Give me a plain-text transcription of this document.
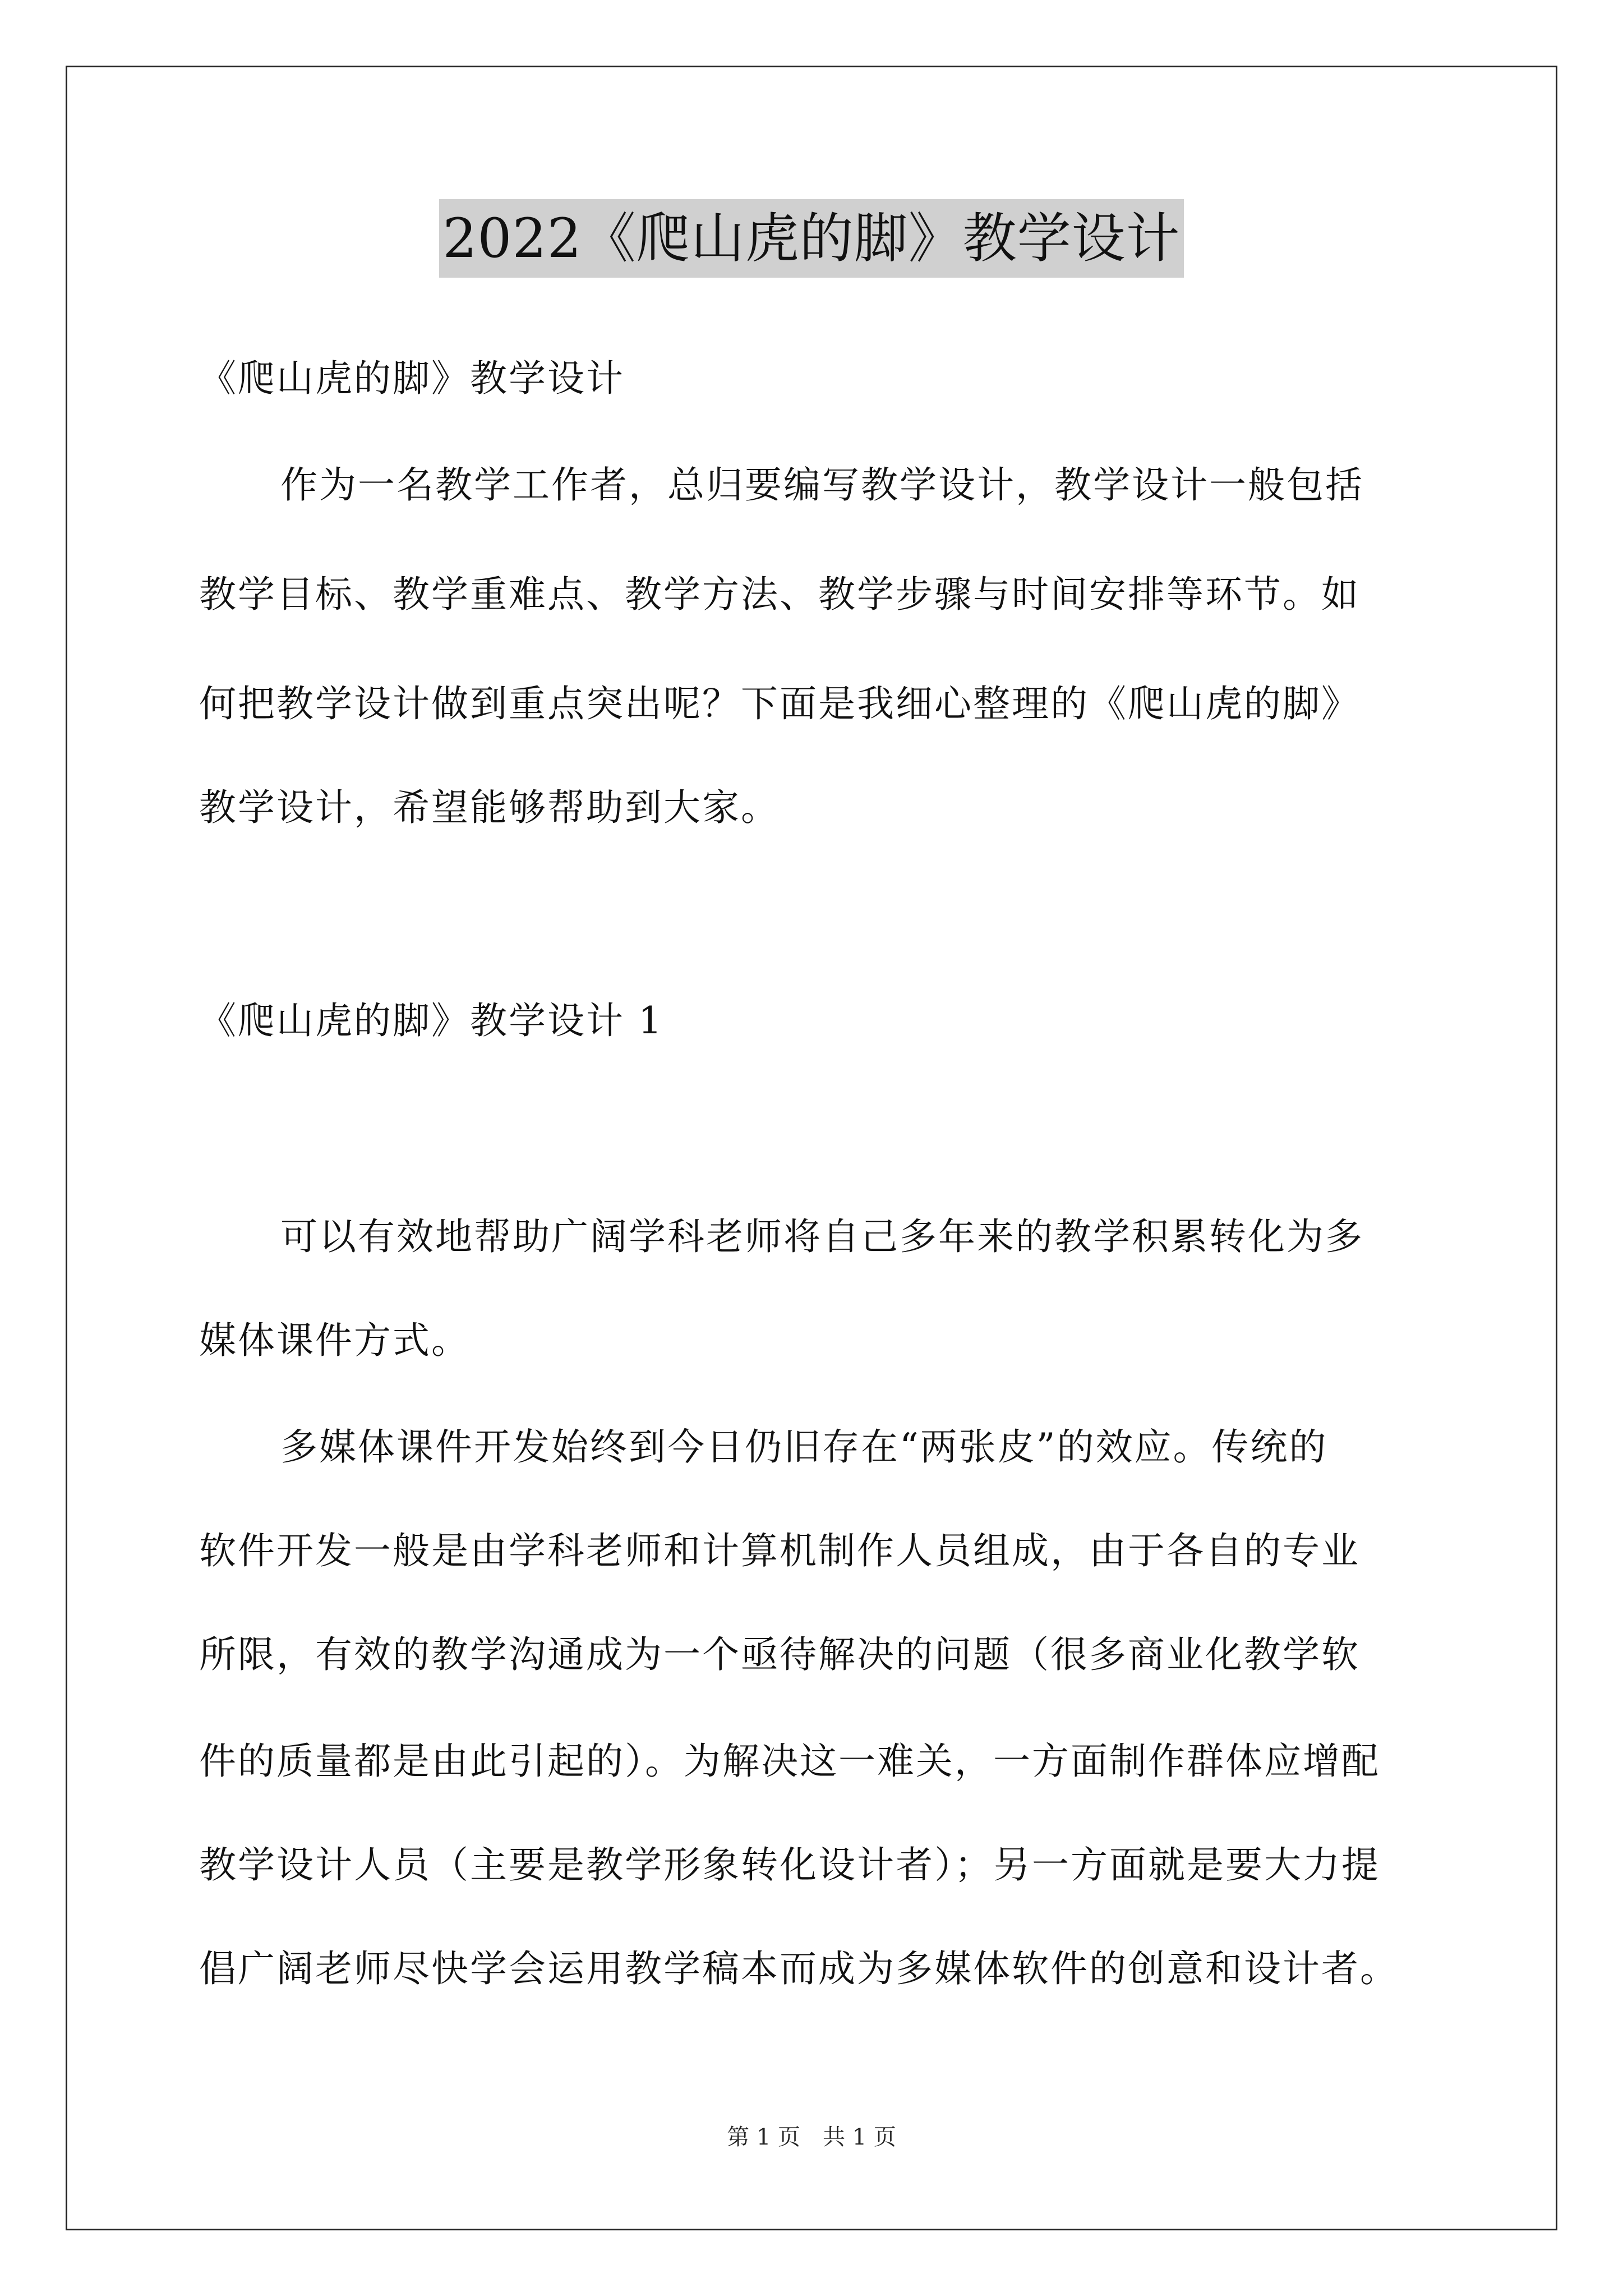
2022《爬山虎的脚》教学设计
《爬山虎的脚》教学设计
作为一名教学工作者，总归要编写教学设计，教学设计一般包括
教学目标、教学重难点、教学方法、教学步骤与时间安排等环节。如
何把教学设计做到重点突出呢？下面是我细心整理的《爬山虎的脚》
教学设计，希望能够帮助到大家。
《爬山虎的脚》教学设计 1
可以有效地帮助广阔学科老师将自己多年来的教学积累转化为多
媒体课件方式。
多媒体课件开发始终到今日仍旧存在“两张皮”的效应。传统的
软件开发一般是由学科老师和计算机制作人员组成，由于各自的专业
所限，有效的教学沟通成为一个亟待解决的问题（很多商业化教学软
件的质量都是由此引起的）。为解决这一难关，一方面制作群体应增配
教学设计人员（主要是教学形象转化设计者）；另一方面就是要大力提
倡广阔老师尽快学会运用教学稿本而成为多媒体软件的创意和设计者。
第 1 页　共 1 页
